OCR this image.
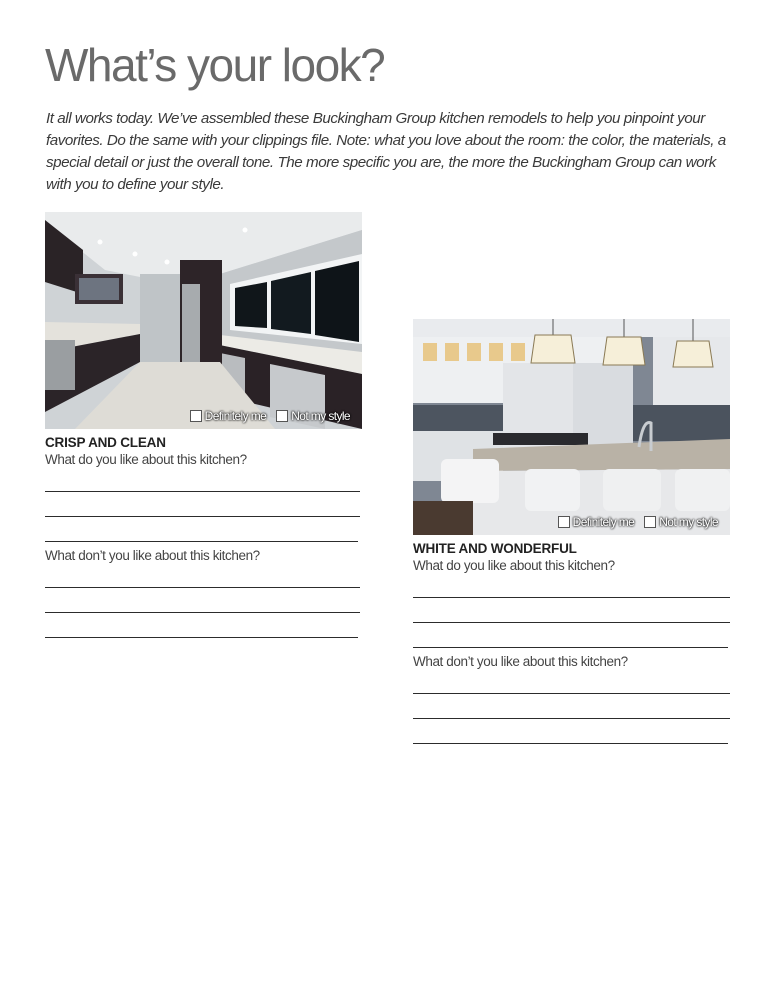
What’s your look?

It all works today. We’ve assembled these Buckingham Group kitchen remodels to help you pinpoint your favorites. Do the same with your clippings file. Note: what you love about the room: the color, the materials, a special detail or just the overall tone. The more specific you are, the more the Buckingham Group can work with you to define your style.

Definitely me Not my style

CRISP AND CLEAN

What do you like about this kitchen?

What don’t you like about this kitchen?

Definitely me Not my style

WHITE AND WONDERFUL

What do you like about this kitchen?

What don’t you like about this kitchen?
